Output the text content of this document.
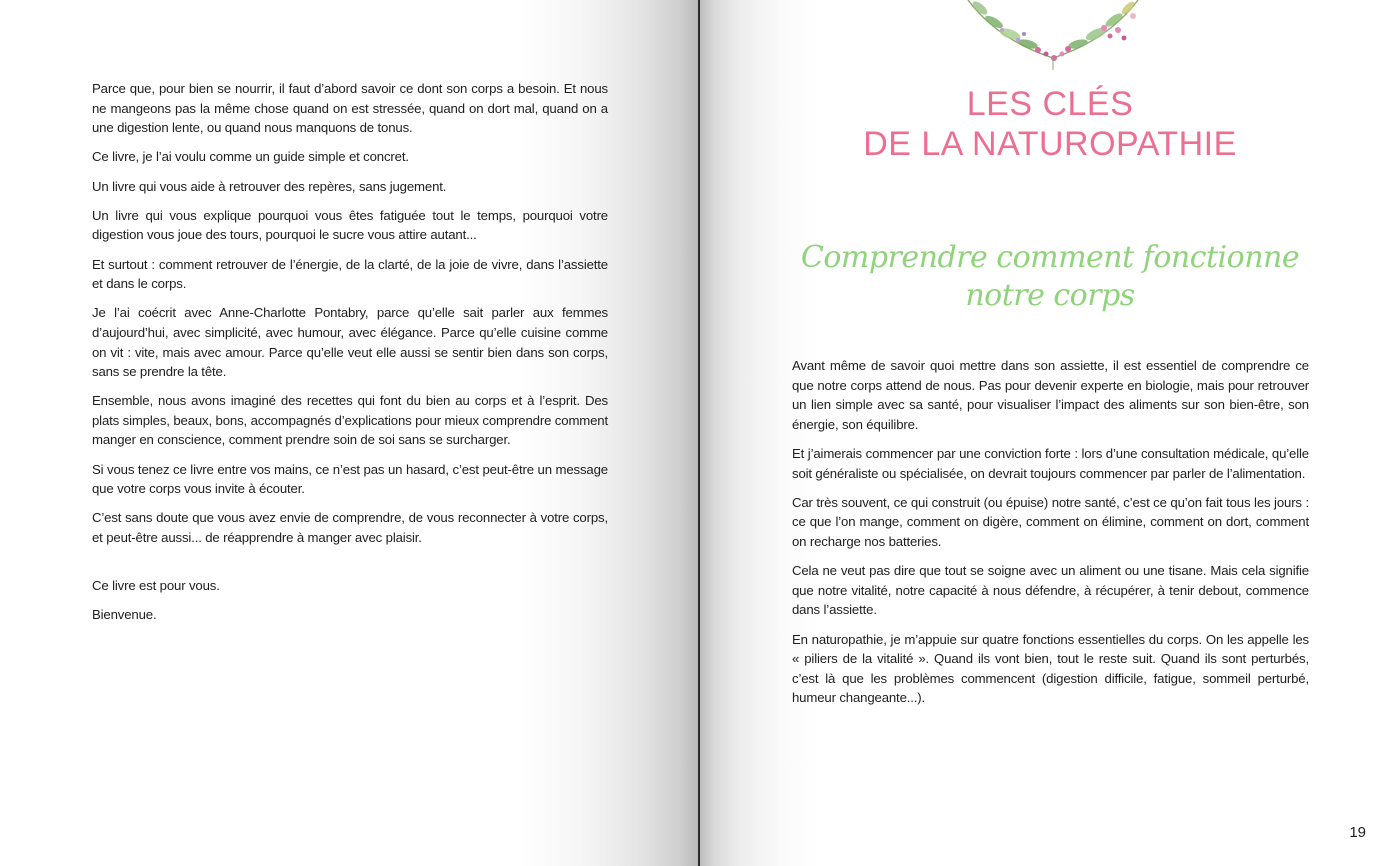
Parce que, pour bien se nourrir, il faut d’abord savoir ce dont son corps a besoin. Et nous ne mangeons pas la même chose quand on est stressée, quand on dort mal, quand on a une digestion lente, ou quand nous manquons de tonus.

Ce livre, je l’ai voulu comme un guide simple et concret.

Un livre qui vous aide à retrouver des repères, sans jugement.

Un livre qui vous explique pourquoi vous êtes fatiguée tout le temps, pourquoi votre digestion vous joue des tours, pourquoi le sucre vous attire autant...

Et surtout : comment retrouver de l’énergie, de la clarté, de la joie de vivre, dans l’assiette et dans le corps.

Je l’ai coécrit avec Anne-Charlotte Pontabry, parce qu’elle sait parler aux femmes d’aujourd’hui, avec simplicité, avec humour, avec élégance. Parce qu’elle cuisine comme on vit : vite, mais avec amour. Parce qu’elle veut elle aussi se sentir bien dans son corps, sans se prendre la tête.

Ensemble, nous avons imaginé des recettes qui font du bien au corps et à l’esprit. Des plats simples, beaux, bons, accompagnés d’explications pour mieux comprendre comment manger en conscience, comment prendre soin de soi sans se surcharger.

Si vous tenez ce livre entre vos mains, ce n’est pas un hasard, c’est peut-être un message que votre corps vous invite à écouter.

C’est sans doute que vous avez envie de comprendre, de vous reconnecter à votre corps, et peut-être aussi... de réapprendre à manger avec plaisir.

Ce livre est pour vous.

Bienvenue.

LES CLÉS
DE LA NATUROPATHIE
Comprendre comment fonctionne
notre corps

Avant même de savoir quoi mettre dans son assiette, il est essentiel de comprendre ce que notre corps attend de nous. Pas pour devenir experte en biologie, mais pour retrouver un lien simple avec sa santé, pour visualiser l’impact des aliments sur son bien-être, son énergie, son équilibre.

Et j’aimerais commencer par une conviction forte : lors d’une consultation médicale, qu’elle soit généraliste ou spécialisée, on devrait toujours commencer par parler de l’alimentation.

Car très souvent, ce qui construit (ou épuise) notre santé, c’est ce qu’on fait tous les jours : ce que l’on mange, comment on digère, comment on élimine, comment on dort, comment on recharge nos batteries.

Cela ne veut pas dire que tout se soigne avec un aliment ou une tisane. Mais cela signifie que notre vitalité, notre capacité à nous défendre, à récupérer, à tenir debout, commence dans l’assiette.

En naturopathie, je m’appuie sur quatre fonctions essentielles du corps. On les appelle les « piliers de la vitalité ». Quand ils vont bien, tout le reste suit. Quand ils sont perturbés, c’est là que les problèmes commencent (digestion difficile, fatigue, sommeil perturbé, humeur changeante...).

19
